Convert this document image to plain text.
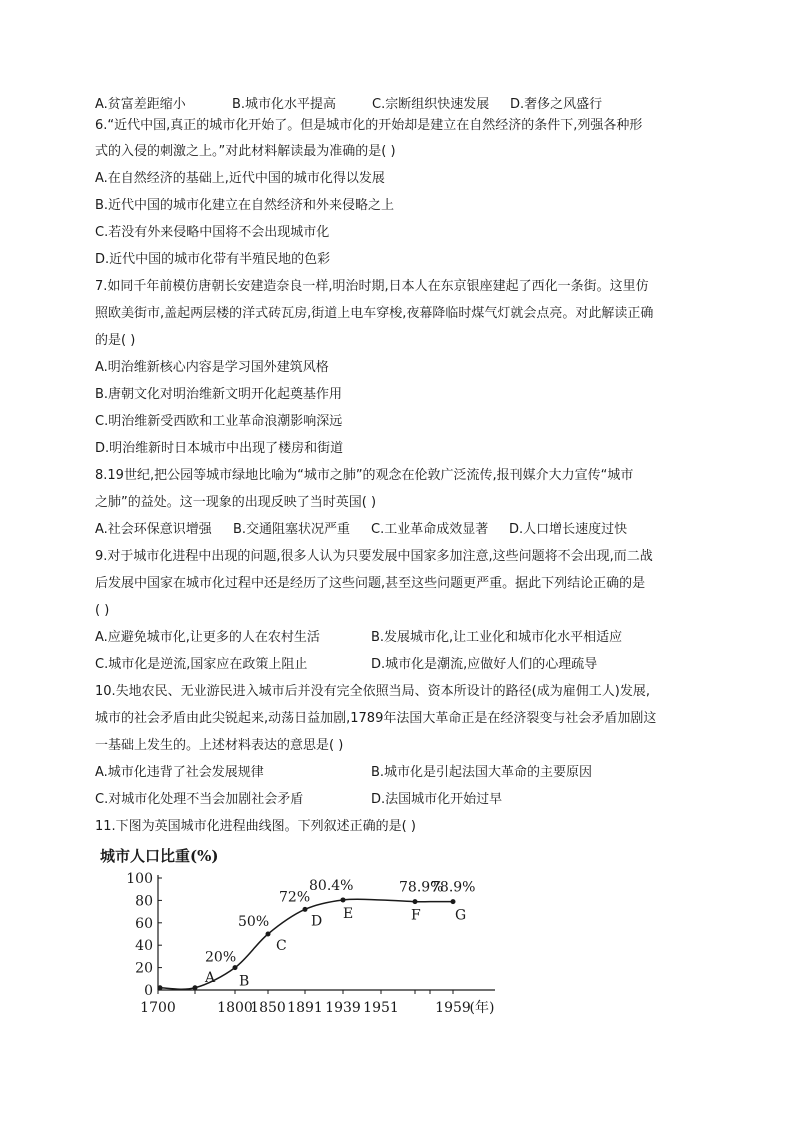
A.贫富差距缩小	B.城市化水平提高	C.宗断组织快速发展 D.奢侈之风盛行

6.“近代中国,真正的城市化开始了。但是城市化的开始却是建立在自然经济的条件下,列强各种形

式的入侵的刺激之上。”对此材料解读最为准确的是( )

A.在自然经济的基础上,近代中国的城市化得以发展

B.近代中国的城市化建立在自然经济和外来侵略之上

C.若没有外来侵略中国将不会出现城市化

D.近代中国的城市化带有半殖民地的色彩

7.如同千年前模仿唐朝长安建造奈良一样,明治时期,日本人在东京银座建起了西化一条街。这里仿

照欧美街市,盖起两层楼的洋式砖瓦房,街道上电车穿梭,夜幕降临时煤气灯就会点亮。对此解读正确

的是( )

A.明治维新核心内容是学习国外建筑风格

B.唐朝文化对明治维新文明开化起奠基作用

C.明治维新受西欧和工业革命浪潮影响深远

D.明治维新时日本城市中出现了楼房和街道

8.19世纪,把公园等城市绿地比喻为“城市之肺”的观念在伦敦广泛流传,报刊媒介大力宣传“城市

之肺”的益处。这一现象的出现反映了当时英国( )

A.社会环保意识增强 B.交通阻塞状况严重 C.工业革命成效显著 D.人口增长速度过快

9.对于城市化进程中出现的问题,很多人认为只要发展中国家多加注意,这些问题将不会出现,而二战

后发展中国家在城市化过程中还是经历了这些问题,甚至这些问题更严重。据此下列结论正确的是

( )

A.应避免城市化,让更多的人在农村生活	B.发展城市化,让工业化和城市化水平相适应
C.城市化是逆流,国家应在政策上阻止	D.城市化是潮流,应做好人们的心理疏导

10.失地农民、无业游民进入城市后并没有完全依照当局、资本所设计的路径(成为雇佣工人)发展,

城市的社会矛盾由此尖锐起来,动荡日益加剧,1789年法国大革命正是在经济裂变与社会矛盾加剧这

一基础上发生的。上述材料表达的意思是( )

A.城市化违背了社会发展规律	B.城市化是引起法国大革命的主要原因
C.对城市化处理不当会加剧社会矛盾	D.法国城市化开始过早

11.下图为英国城市化进程曲线图。下列叙述正确的是( )

城市人口比重(%)
0
20
40
60
80
100
1700	1800
1850 1891 1939 1951	1959
(年)
A B
20%
C
50%	D
72%
E
80.4%
F
78.9%
G
78.9%
